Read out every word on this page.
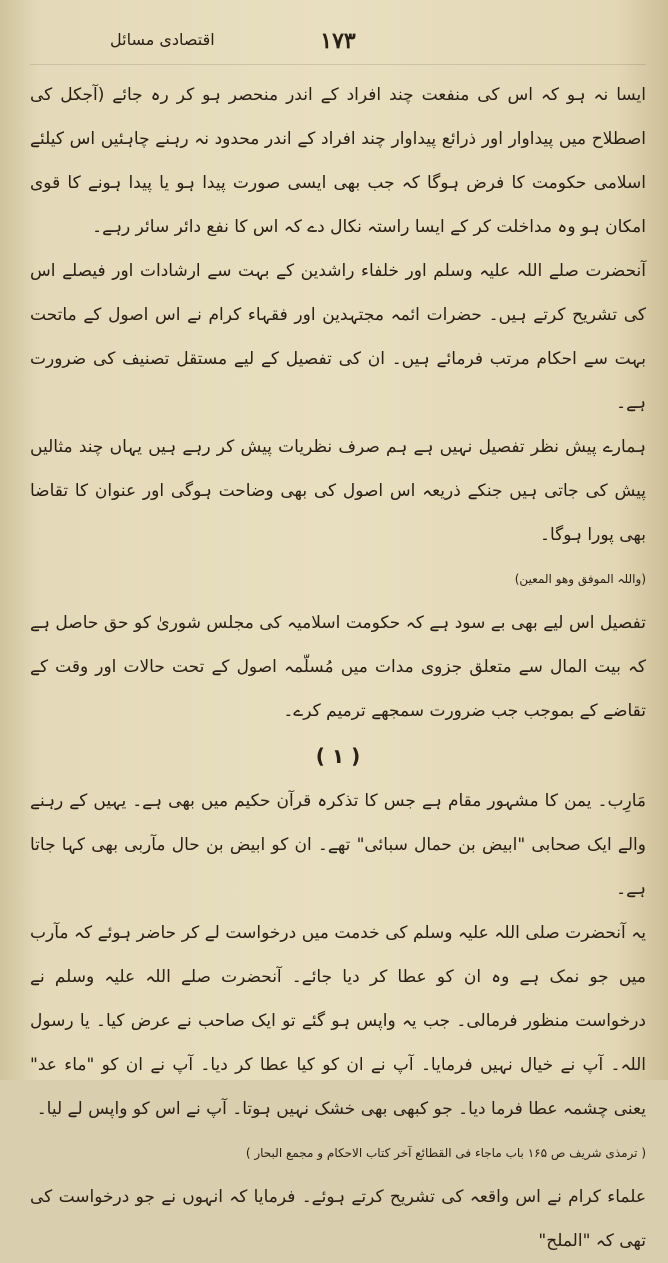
۱۷۳
اقتصادی مسائل

ایسا نہ ہو کہ اس کی منفعت چند افراد کے اندر منحصر ہو کر رہ جائے (آجکل کی اصطلاح میں پیداوار اور ذرائع پیداوار چند افراد کے اندر محدود نہ رہنے چاہئیں اس کیلئے اسلامی حکومت کا فرض ہوگا کہ جب بھی ایسی صورت پیدا ہو یا پیدا ہونے کا قوی امکان ہو وہ مداخلت کر کے ایسا راستہ نکال دے کہ اس کا نفع دائر سائر رہے۔

آنحضرت صلے اللہ علیہ وسلم اور خلفاء راشدین کے بہت سے ارشادات اور فیصلے اس کی تشریح کرتے ہیں۔ حضرات ائمہ مجتہدین اور فقہاء کرام نے اس اصول کے ماتحت بہت سے احکام مرتب فرمائے ہیں۔ ان کی تفصیل کے لیے مستقل تصنیف کی ضرورت ہے۔

ہمارے پیش نظر تفصیل نہیں ہے ہم صرف نظریات پیش کر رہے ہیں یہاں چند مثالیں پیش کی جاتی ہیں جنکے ذریعہ اس اصول کی بھی وضاحت ہوگی اور عنوان کا تقاضا بھی پورا ہوگا۔

(واللہ الموفق وھو المعین)

تفصیل اس لیے بھی بے سود ہے کہ حکومت اسلامیہ کی مجلس شوریٰ کو حق حاصل ہے کہ بیت المال سے متعلق جزوی مدات میں مُسلّمہ اصول کے تحت حالات اور وقت کے تقاضے کے بموجب جب ضرورت سمجھے ترمیم کرے۔

( ۱ )

مَارِب۔ یمن کا مشہور مقام ہے جس کا تذکرہ قرآن حکیم میں بھی ہے۔ یہیں کے رہنے والے ایک صحابی "ابیض بن حمال سبائی" تھے۔ ان کو ابیض بن حال مآربی بھی کہا جاتا ہے۔

یہ آنحضرت صلی اللہ علیہ وسلم کی خدمت میں درخواست لے کر حاضر ہوئے کہ مآرب میں جو نمک ہے وہ ان کو عطا کر دیا جائے۔ آنحضرت صلے اللہ علیہ وسلم نے درخواست منظور فرمالی۔ جب یہ واپس ہو گئے تو ایک صاحب نے عرض کیا۔ یا رسول اللہ۔ آپ نے خیال نہیں فرمایا۔ آپ نے ان کو کیا عطا کر دیا۔ آپ نے ان کو "ماء عد" یعنی چشمہ عطا فرما دیا۔ جو کبھی بھی خشک نہیں ہوتا۔ آپ نے اس کو واپس لے لیا۔

( ترمذی شریف ص ۱۶۵ باب ماجاء فی القطائع آخر کتاب الاحکام و مجمع البحار )

علماء کرام نے اس واقعہ کی تشریح کرتے ہوئے۔ فرمایا کہ انہوں نے جو درخواست کی تھی کہ "الملح"
